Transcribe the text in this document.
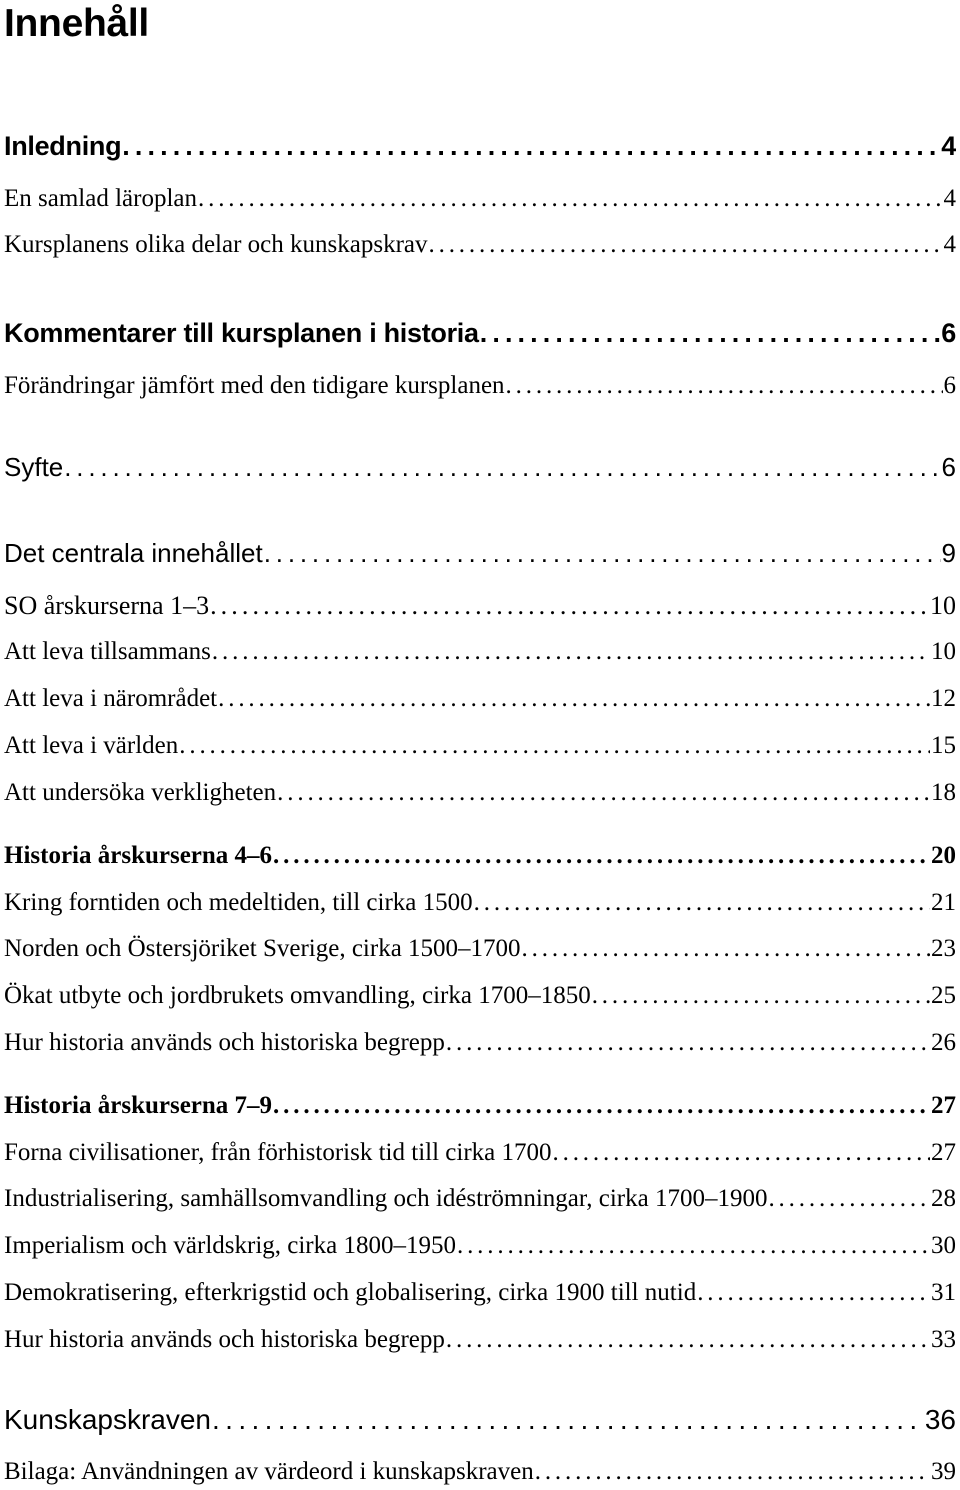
Innehåll
Inledning . . .	4
En samlad läroplan . . .	4
Kursplanens olika delar och kunskapskrav . . .	4
Kommentarer till kursplanen i historia . . .	6
Förändringar jämfört med den tidigare kursplanen . . .	6
Syfte . . .	6
Det centrala innehållet . . .	9
SO årskurserna 1–3 . . .	10
Att leva tillsammans . . .	10
Att leva i närområdet . . .	12
Att leva i världen . . .	15
Att undersöka verkligheten . . .	18
Historia årskurserna 4–6 . . .	20
Kring forntiden och medeltiden, till cirka 1500 . . .	21
Norden och Östersjöriket Sverige, cirka 1500–1700 . . .	23
Ökat utbyte och jordbrukets omvandling, cirka 1700–1850 . . .	25
Hur historia används och historiska begrepp . . .	26
Historia årskurserna 7–9 . . .	27
Forna civilisationer, från förhistorisk tid till cirka 1700 . . .	27
Industrialisering, samhällsomvandling och idéströmningar, cirka 1700–1900 . . .	28
Imperialism och världskrig, cirka 1800–1950 . . .	30
Demokratisering, efterkrigstid och globalisering, cirka 1900 till nutid . . .	31
Hur historia används och historiska begrepp . . .	33
Kunskapskraven . . .	36
Bilaga: Användningen av värdeord i kunskapskraven . . .	39
